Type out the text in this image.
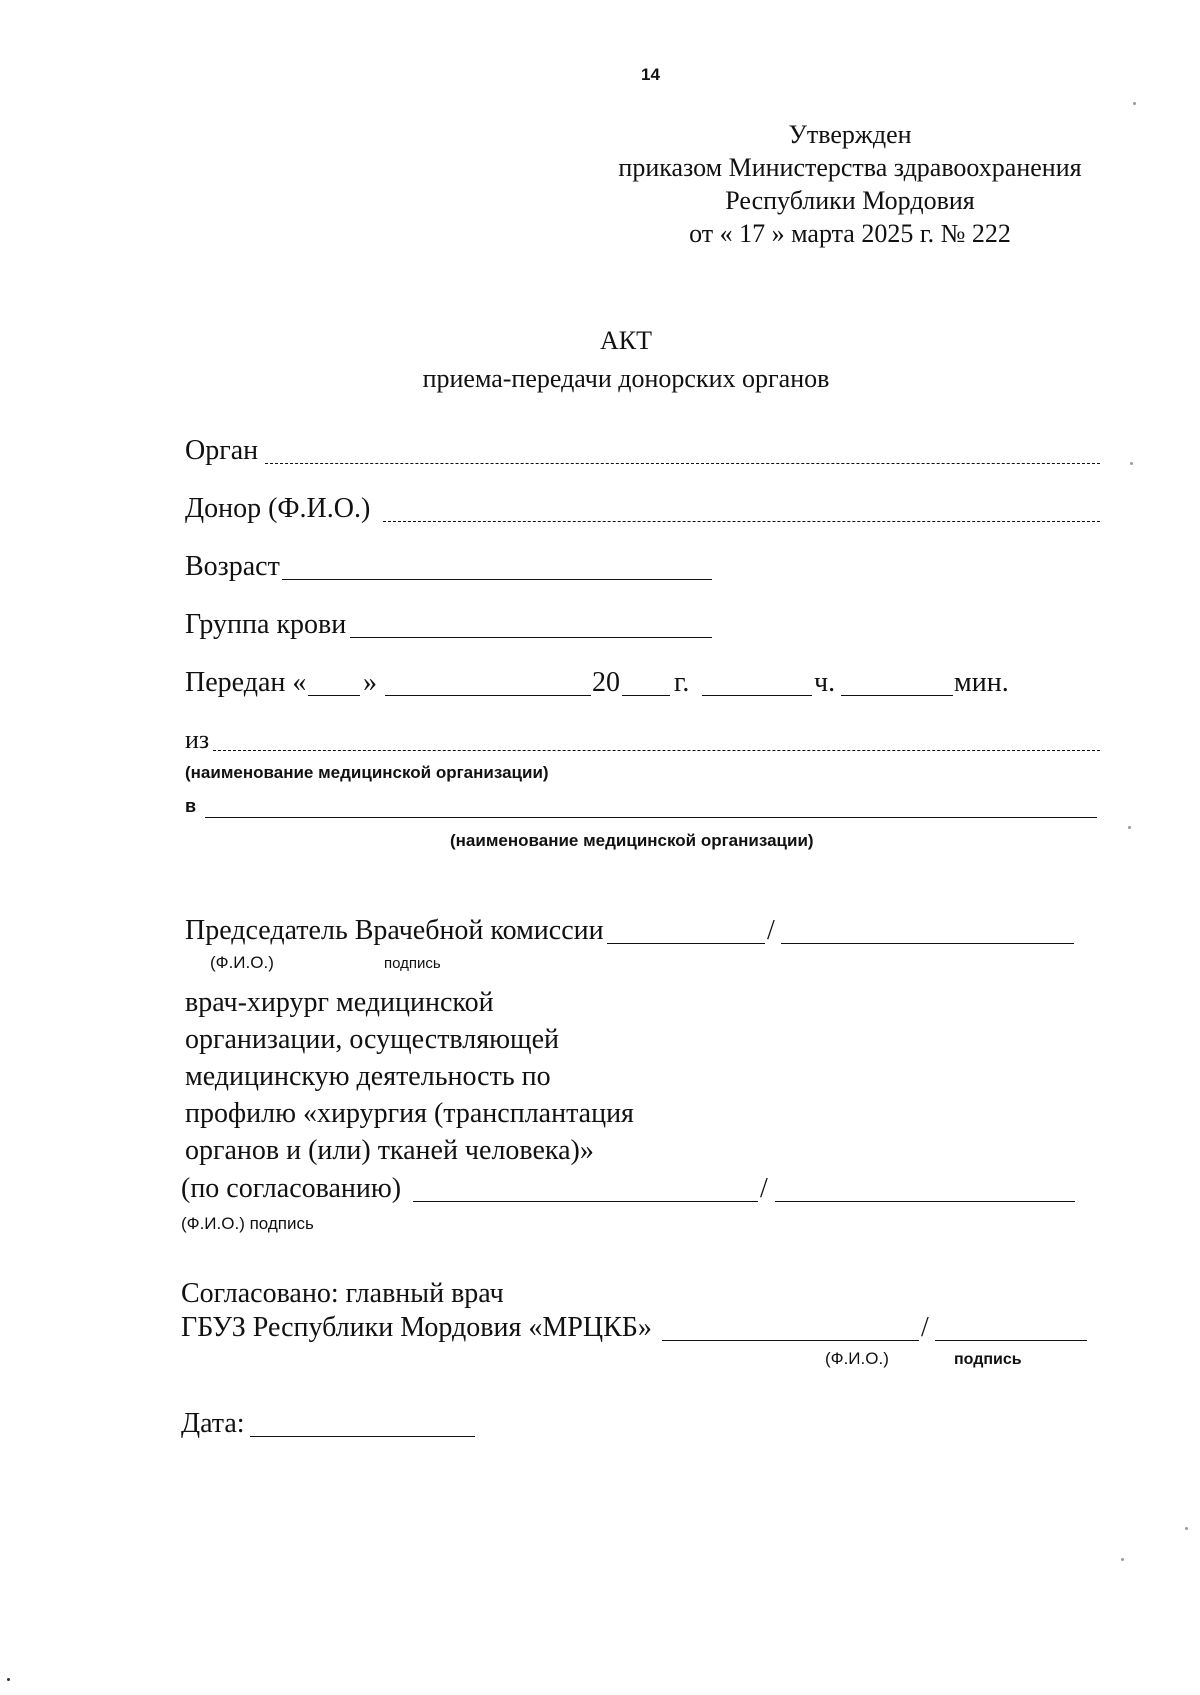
14
Утвержден
приказом Министерства здравоохранения
Республики Мордовия
от « 17 » марта 2025 г. № 222
АКТ
приема-передачи донорских органов
Орган
Донор (Ф.И.О.)
Возраст
Группа крови
Передан « »	20 г.	ч.	мин.
из
(наименование медицинской организации)
в
(наименование медицинской организации)
Председатель Врачебной комиссии	/
(Ф.И.О.)	подпись
врач-хирург медицинской
организации, осуществляющей
медицинскую деятельность по
профилю «хирургия (трансплантация
органов и (или) тканей человека)»
(по согласованию)	/
(Ф.И.О.) подпись
Согласовано: главный врач
ГБУЗ Республики Мордовия «МРЦКБ»	/
(Ф.И.О.)	подпись
Дата:
